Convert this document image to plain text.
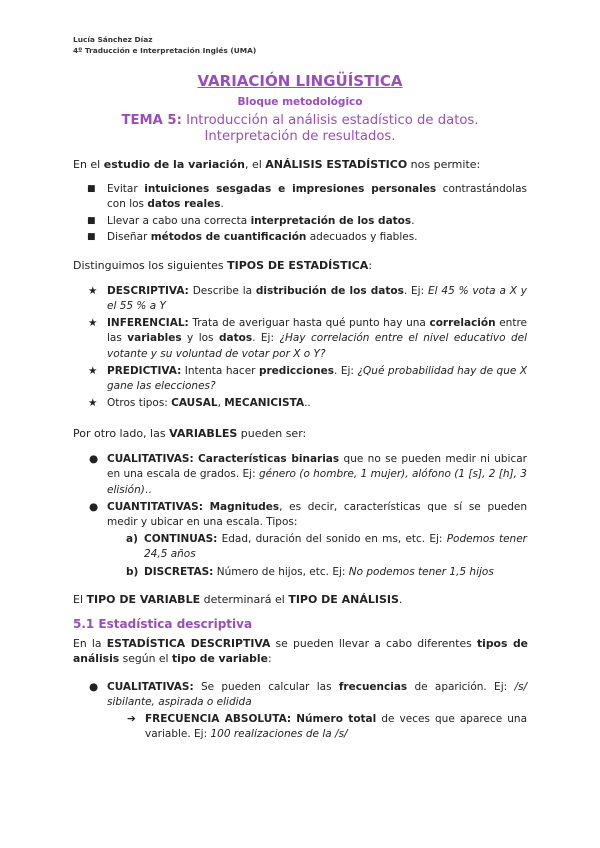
Lucía Sánchez Díaz
4º Traducción e Interpretación Inglés (UMA)
VARIACIÓN LINGÜÍSTICA
Bloque metodológico
TEMA 5: Introducción al análisis estadístico de datos.
Interpretación de resultados.
En el estudio de la variación, el ANÁLISIS ESTADÍSTICO nos permite:
■ Evitar intuiciones sesgadas e impresiones personales contrastándolas con los datos reales.
■ Llevar a cabo una correcta interpretación de los datos.
■ Diseñar métodos de cuantificación adecuados y fiables.
Distinguimos los siguientes TIPOS DE ESTADÍSTICA:
★ DESCRIPTIVA: Describe la distribución de los datos. Ej: El 45 % vota a X y el 55 % a Y
★ INFERENCIAL: Trata de averiguar hasta qué punto hay una correlación entre las variables y los datos. Ej: ¿Hay correlación entre el nivel educativo del votante y su voluntad de votar por X o Y?
★ PREDICTIVA: Intenta hacer predicciones. Ej: ¿Qué probabilidad hay de que X gane las elecciones?
★ Otros tipos: CAUSAL, MECANICISTA..
Por otro lado, las VARIABLES pueden ser:
● CUALITATIVAS: Características binarias que no se pueden medir ni ubicar en una escala de grados. Ej: género (o hombre, 1 mujer), alófono (1 [s], 2 [h], 3 elisión)..
● CUANTITATIVAS: Magnitudes, es decir, características que sí se pueden medir y ubicar en una escala. Tipos:
a) CONTINUAS: Edad, duración del sonido en ms, etc. Ej: Podemos tener 24,5 años
b) DISCRETAS: Número de hijos, etc. Ej: No podemos tener 1,5 hijos
El TIPO DE VARIABLE determinará el TIPO DE ANÁLISIS.
5.1 Estadística descriptiva
En la ESTADÍSTICA DESCRIPTIVA se pueden llevar a cabo diferentes tipos de análisis según el tipo de variable:
● CUALITATIVAS: Se pueden calcular las frecuencias de aparición. Ej: /s/ sibilante, aspirada o elidida
➔ FRECUENCIA ABSOLUTA: Número total de veces que aparece una variable. Ej: 100 realizaciones de la /s/
